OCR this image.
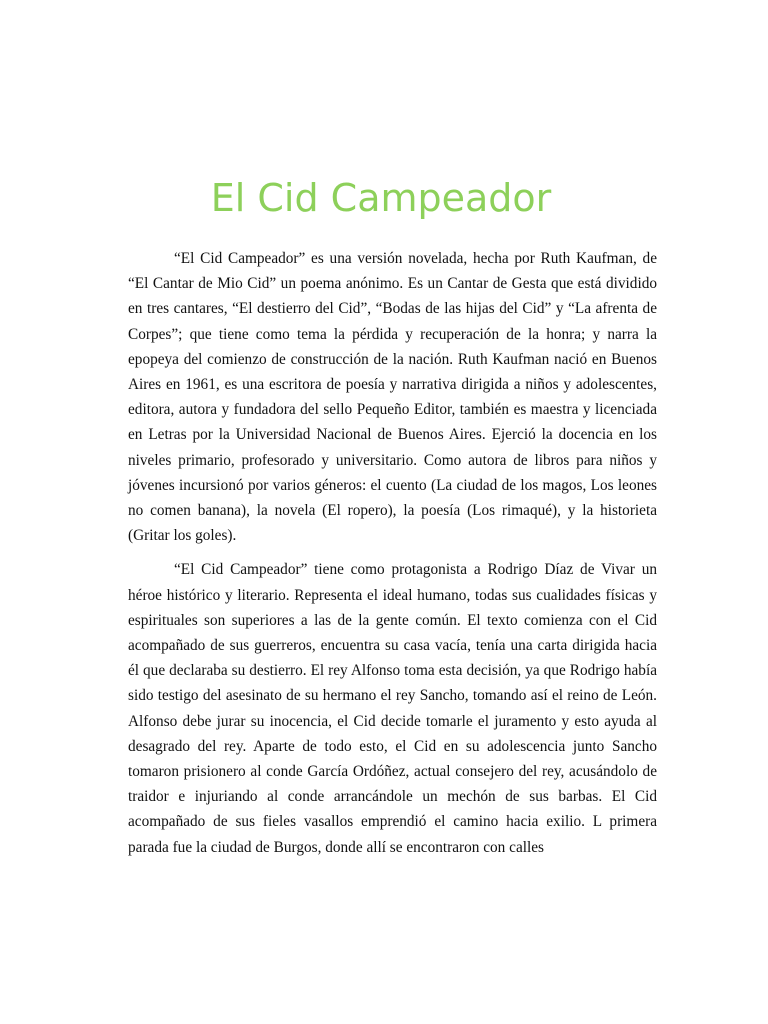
El Cid Campeador

“El Cid Campeador” es una versión novelada, hecha por Ruth Kaufman, de “El Cantar de Mio Cid” un poema anónimo. Es un Cantar de Gesta que está dividido en tres cantares, “El destierro del Cid”, “Bodas de las hijas del Cid” y “La afrenta de Corpes”; que tiene como tema la pérdida y recuperación de la honra; y narra la epopeya del comienzo de construcción de la nación. Ruth Kaufman nació en Buenos Aires en 1961, es una escritora de poesía y narrativa dirigida a niños y adolescentes, editora, autora y fundadora del sello Pequeño Editor, también es maestra y licenciada en Letras por la Universidad Nacional de Buenos Aires. Ejerció la docencia en los niveles primario, profesorado y universitario. Como autora de libros para niños y jóvenes incursionó por varios géneros: el cuento (La ciudad de los magos, Los leones no comen banana), la novela (El ropero), la poesía (Los rimaqué), y la historieta (Gritar los goles).

“El Cid Campeador” tiene como protagonista a Rodrigo Díaz de Vivar un héroe histórico y literario. Representa el ideal humano, todas sus cualidades físicas y espirituales son superiores a las de la gente común. El texto comienza con el Cid acompañado de sus guerreros, encuentra su casa vacía, tenía una carta dirigida hacia él que declaraba su destierro. El rey Alfonso toma esta decisión, ya que Rodrigo había sido testigo del asesinato de su hermano el rey Sancho, tomando así el reino de León. Alfonso debe jurar su inocencia, el Cid decide tomarle el juramento y esto ayuda al desagrado del rey. Aparte de todo esto, el Cid en su adolescencia junto Sancho tomaron prisionero al conde García Ordóñez, actual consejero del rey, acusándolo de traidor e injuriando al conde arrancándole un mechón de sus barbas. El Cid acompañado de sus fieles vasallos emprendió el camino hacia exilio. L primera parada fue la ciudad de Burgos, donde allí se encontraron con calles
